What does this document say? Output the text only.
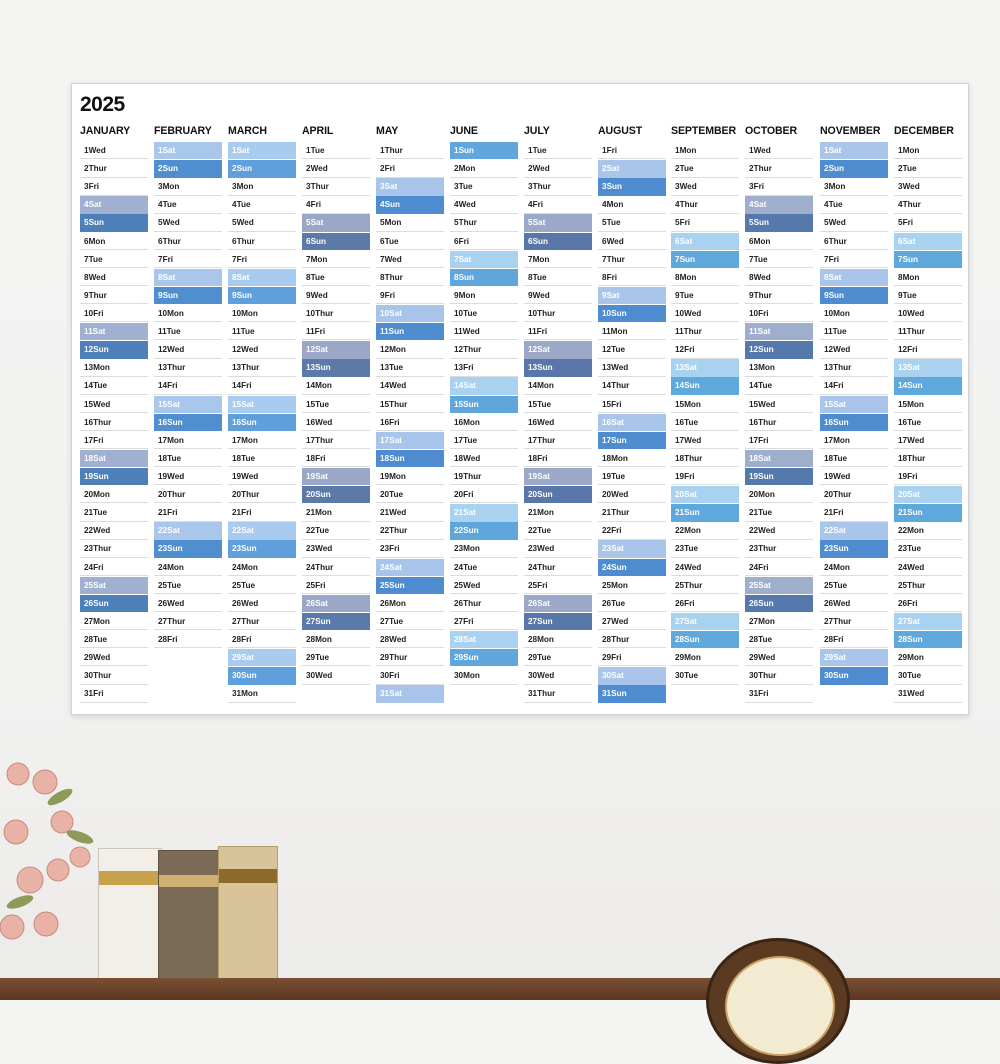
2025
JANUARY
1Wed
2Thur
3Fri
4Sat
5Sun
6Mon
7Tue
8Wed
9Thur
10Fri
11Sat
12Sun
13Mon
14Tue
15Wed
16Thur
17Fri
18Sat
19Sun
20Mon
21Tue
22Wed
23Thur
24Fri
25Sat
26Sun
27Mon
28Tue
29Wed
30Thur
31Fri
FEBRUARY
1Sat
2Sun
3Mon
4Tue
5Wed
6Thur
7Fri
8Sat
9Sun
10Mon
11Tue
12Wed
13Thur
14Fri
15Sat
16Sun
17Mon
18Tue
19Wed
20Thur
21Fri
22Sat
23Sun
24Mon
25Tue
26Wed
27Thur
28Fri
MARCH
1Sat
2Sun
3Mon
4Tue
5Wed
6Thur
7Fri
8Sat
9Sun
10Mon
11Tue
12Wed
13Thur
14Fri
15Sat
16Sun
17Mon
18Tue
19Wed
20Thur
21Fri
22Sat
23Sun
24Mon
25Tue
26Wed
27Thur
28Fri
29Sat
30Sun
31Mon
APRIL
1Tue
2Wed
3Thur
4Fri
5Sat
6Sun
7Mon
8Tue
9Wed
10Thur
11Fri
12Sat
13Sun
14Mon
15Tue
16Wed
17Thur
18Fri
19Sat
20Sun
21Mon
22Tue
23Wed
24Thur
25Fri
26Sat
27Sun
28Mon
29Tue
30Wed
MAY
1Thur
2Fri
3Sat
4Sun
5Mon
6Tue
7Wed
8Thur
9Fri
10Sat
11Sun
12Mon
13Tue
14Wed
15Thur
16Fri
17Sat
18Sun
19Mon
20Tue
21Wed
22Thur
23Fri
24Sat
25Sun
26Mon
27Tue
28Wed
29Thur
30Fri
31Sat
JUNE
1Sun
2Mon
3Tue
4Wed
5Thur
6Fri
7Sat
8Sun
9Mon
10Tue
11Wed
12Thur
13Fri
14Sat
15Sun
16Mon
17Tue
18Wed
19Thur
20Fri
21Sat
22Sun
23Mon
24Tue
25Wed
26Thur
27Fri
28Sat
29Sun
30Mon
JULY
1Tue
2Wed
3Thur
4Fri
5Sat
6Sun
7Mon
8Tue
9Wed
10Thur
11Fri
12Sat
13Sun
14Mon
15Tue
16Wed
17Thur
18Fri
19Sat
20Sun
21Mon
22Tue
23Wed
24Thur
25Fri
26Sat
27Sun
28Mon
29Tue
30Wed
31Thur
AUGUST
1Fri
2Sat
3Sun
4Mon
5Tue
6Wed
7Thur
8Fri
9Sat
10Sun
11Mon
12Tue
13Wed
14Thur
15Fri
16Sat
17Sun
18Mon
19Tue
20Wed
21Thur
22Fri
23Sat
24Sun
25Mon
26Tue
27Wed
28Thur
29Fri
30Sat
31Sun
SEPTEMBER
1Mon
2Tue
3Wed
4Thur
5Fri
6Sat
7Sun
8Mon
9Tue
10Wed
11Thur
12Fri
13Sat
14Sun
15Mon
16Tue
17Wed
18Thur
19Fri
20Sat
21Sun
22Mon
23Tue
24Wed
25Thur
26Fri
27Sat
28Sun
29Mon
30Tue
OCTOBER
1Wed
2Thur
3Fri
4Sat
5Sun
6Mon
7Tue
8Wed
9Thur
10Fri
11Sat
12Sun
13Mon
14Tue
15Wed
16Thur
17Fri
18Sat
19Sun
20Mon
21Tue
22Wed
23Thur
24Fri
25Sat
26Sun
27Mon
28Tue
29Wed
30Thur
31Fri
NOVEMBER
1Sat
2Sun
3Mon
4Tue
5Wed
6Thur
7Fri
8Sat
9Sun
10Mon
11Tue
12Wed
13Thur
14Fri
15Sat
16Sun
17Mon
18Tue
19Wed
20Thur
21Fri
22Sat
23Sun
24Mon
25Tue
26Wed
27Thur
28Fri
29Sat
30Sun
DECEMBER
1Mon
2Tue
3Wed
4Thur
5Fri
6Sat
7Sun
8Mon
9Tue
10Wed
11Thur
12Fri
13Sat
14Sun
15Mon
16Tue
17Wed
18Thur
19Fri
20Sat
21Sun
22Mon
23Tue
24Wed
25Thur
26Fri
27Sat
28Sun
29Mon
30Tue
31Wed
